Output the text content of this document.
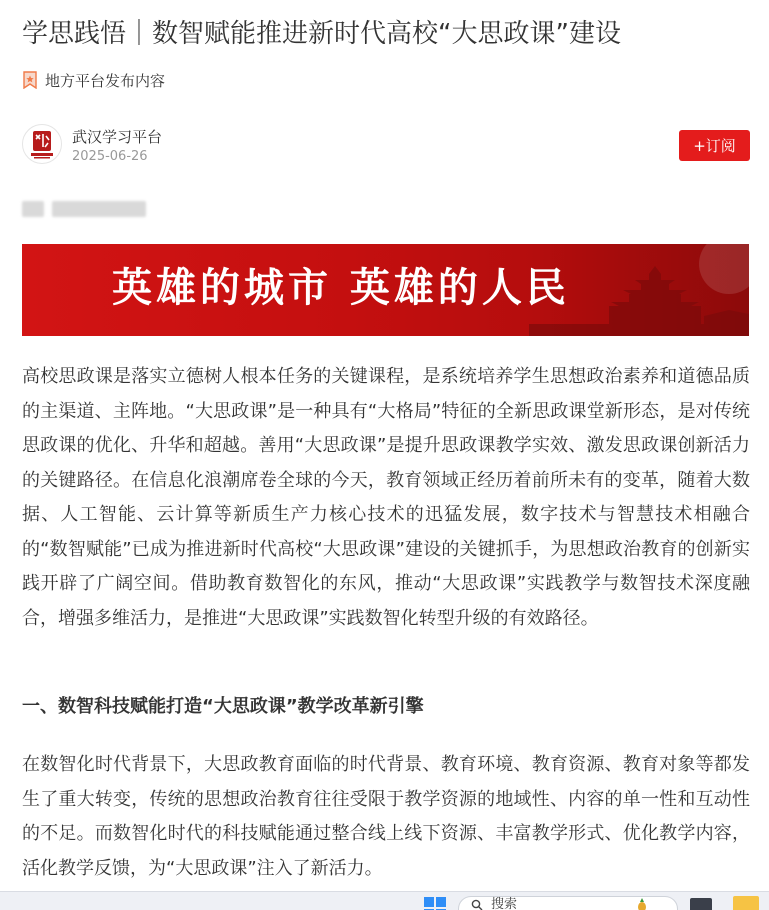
学思践悟｜数智赋能推进新时代高校“大思政课”建设
地方平台发布内容
武汉学习平台
2025-06-26
+订阅
英雄的城市 英雄的人民

高校思政课是落实立德树人根本任务的关键课程，是系统培养学生思想政治素养和道德品质的主渠道、主阵地。“大思政课”是一种具有“大格局”特征的全新思政课堂新形态，是对传统思政课的优化、升华和超越。善用“大思政课”是提升思政课教学实效、激发思政课创新活力的关键路径。在信息化浪潮席卷全球的今天，教育领域正经历着前所未有的变革，随着大数据、人工智能、云计算等新质生产力核心技术的迅猛发展，数字技术与智慧技术相融合的“数智赋能”已成为推进新时代高校“大思政课”建设的关键抓手，为思想政治教育的创新实践开辟了广阔空间。借助教育数智化的东风，推动“大思政课”实践教学与数智技术深度融合，增强多维活力，是推进“大思政课”实践数智化转型升级的有效路径。

一、数智科技赋能打造“大思政课”教学改革新引擎

在数智化时代背景下，大思政教育面临的时代背景、教育环境、教育资源、教育对象等都发生了重大转变，传统的思想政治教育往往受限于教学资源的地域性、内容的单一性和互动性的不足。而数智化时代的科技赋能通过整合线上线下资源、丰富教学形式、优化教学内容，活化教学反馈，为“大思政课”注入了新活力。

搜索
